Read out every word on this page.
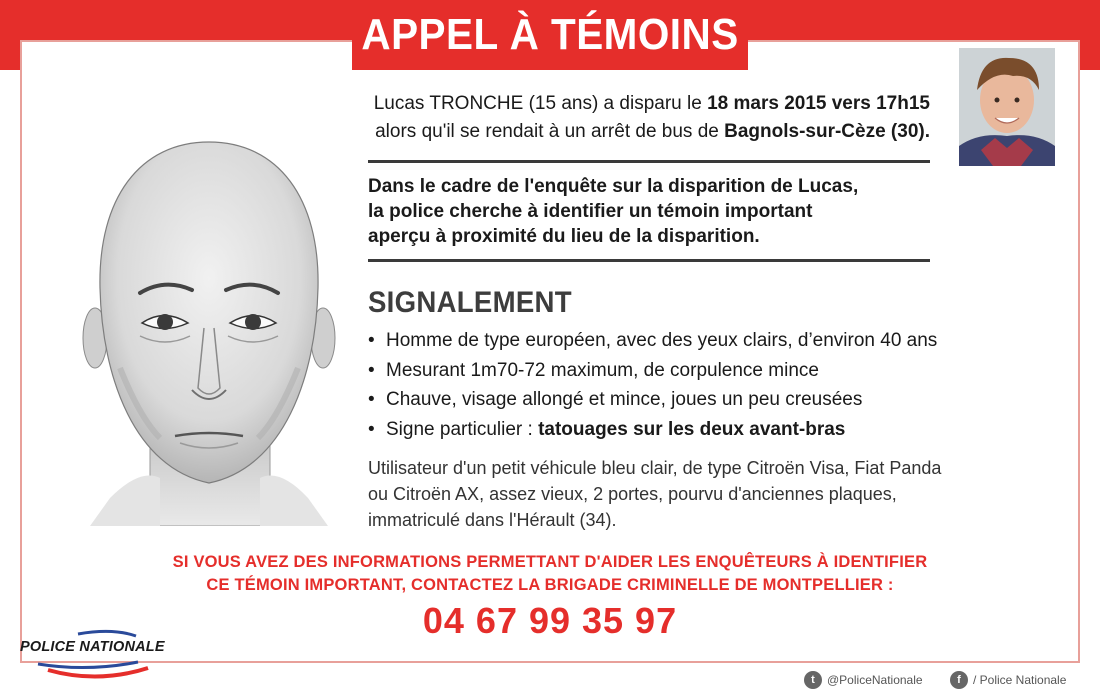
APPEL À TÉMOINS
Lucas TRONCHE (15 ans) a disparu le 18 mars 2015 vers 17h15
alors qu'il se rendait à un arrêt de bus de Bagnols-sur-Cèze (30).
Dans le cadre de l'enquête sur la disparition de Lucas,
la police cherche à identifier un témoin important
aperçu à proximité du lieu de la disparition.
SIGNALEMENT
• Homme de type européen, avec des yeux clairs, d’environ 40 ans
• Mesurant 1m70-72 maximum, de corpulence mince
• Chauve, visage allongé et mince, joues un peu creusées
• Signe particulier : tatouages sur les deux avant-bras
Utilisateur d'un petit véhicule bleu clair, de type Citroën Visa, Fiat Panda
ou Citroën AX, assez vieux, 2 portes, pourvu d'anciennes plaques,
immatriculé dans l'Hérault (34).
SI VOUS AVEZ DES INFORMATIONS PERMETTANT D'AIDER LES ENQUÊTEURS À IDENTIFIER
CE TÉMOIN IMPORTANT, CONTACTEZ LA BRIGADE CRIMINELLE DE MONTPELLIER :
04 67 99 35 97
POLICE NATIONALE
t	@PoliceNationale	f	/ Police Nationale
